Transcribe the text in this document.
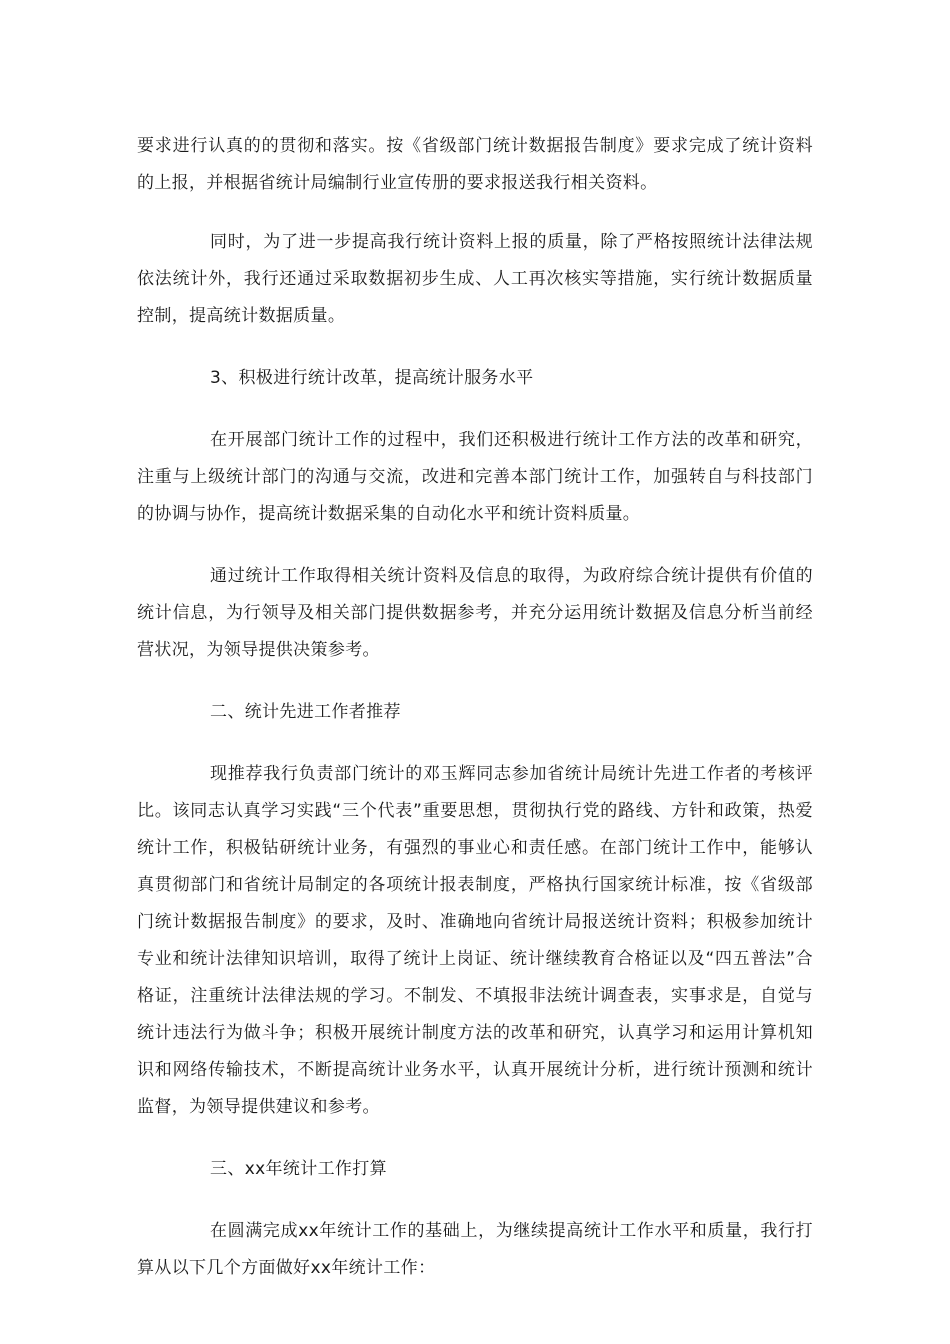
要求进行认真的的贯彻和落实。按《省级部门统计数据报告制度》要求完成了统计资料的上报，并根据省统计局编制行业宣传册的要求报送我行相关资料。

同时，为了进一步提高我行统计资料上报的质量，除了严格按照统计法律法规依法统计外，我行还通过采取数据初步生成、人工再次核实等措施，实行统计数据质量控制，提高统计数据质量。

3、积极进行统计改革，提高统计服务水平

在开展部门统计工作的过程中，我们还积极进行统计工作方法的改革和研究，注重与上级统计部门的沟通与交流，改进和完善本部门统计工作，加强转自与科技部门的协调与协作，提高统计数据采集的自动化水平和统计资料质量。

通过统计工作取得相关统计资料及信息的取得，为政府综合统计提供有价值的统计信息，为行领导及相关部门提供数据参考，并充分运用统计数据及信息分析当前经营状况，为领导提供决策参考。

二、统计先进工作者推荐

现推荐我行负责部门统计的邓玉辉同志参加省统计局统计先进工作者的考核评比。该同志认真学习实践“三个代表”重要思想，贯彻执行党的路线、方针和政策，热爱统计工作，积极钻研统计业务，有强烈的事业心和责任感。在部门统计工作中，能够认真贯彻部门和省统计局制定的各项统计报表制度，严格执行国家统计标准，按《省级部门统计数据报告制度》的要求，及时、准确地向省统计局报送统计资料；积极参加统计专业和统计法律知识培训，取得了统计上岗证、统计继续教育合格证以及“四五普法”合格证，注重统计法律法规的学习。不制发、不填报非法统计调查表，实事求是，自觉与统计违法行为做斗争；积极开展统计制度方法的改革和研究，认真学习和运用计算机知识和网络传输技术，不断提高统计业务水平，认真开展统计分析，进行统计预测和统计监督，为领导提供建议和参考。

三、xx年统计工作打算

在圆满完成xx年统计工作的基础上，为继续提高统计工作水平和质量，我行打算从以下几个方面做好xx年统计工作：
